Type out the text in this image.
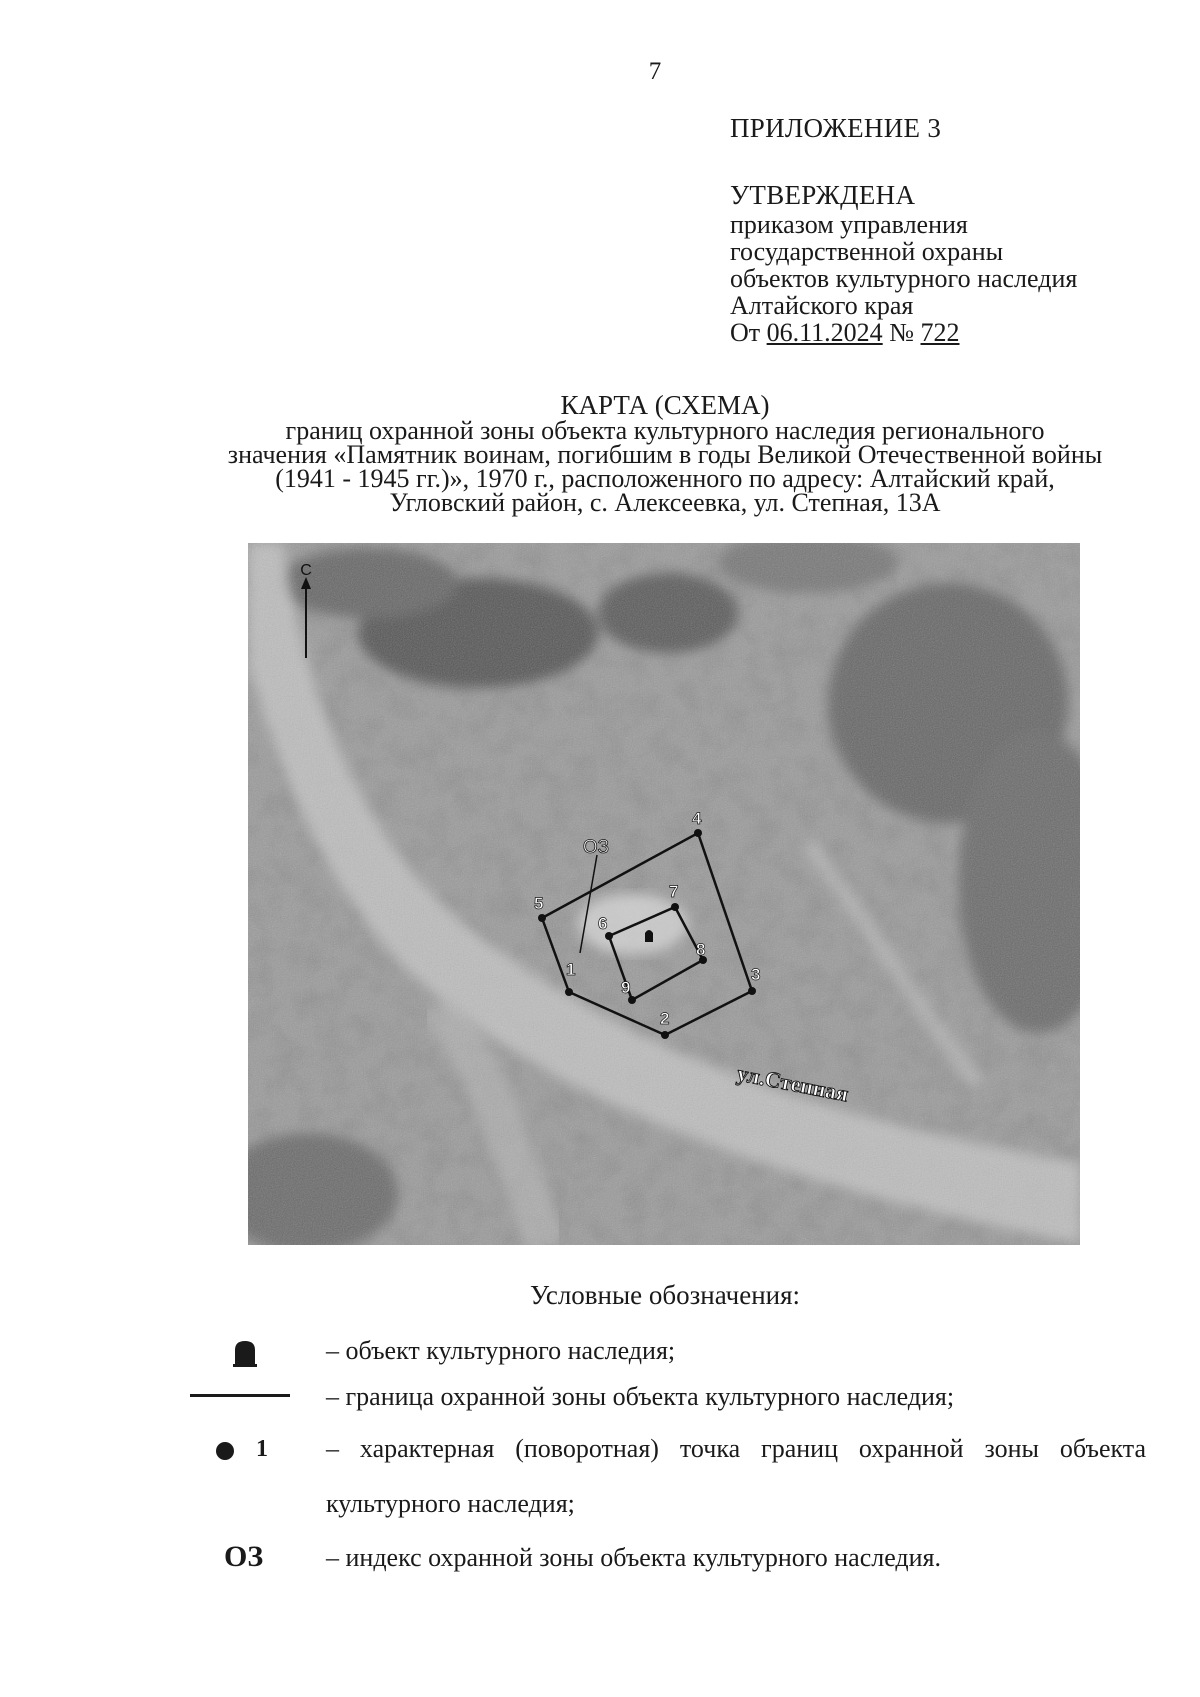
7
ПРИЛОЖЕНИЕ 3
УТВЕРЖДЕНА
приказом управления
государственной охраны
объектов культурного наследия
Алтайского края
От 06.11.2024 № 722
КАРТА (СХЕМА)
границ охранной зоны объекта культурного наследия регионального
значения «Памятник воинам, погибшим в годы Великой Отечественной войны
(1941 - 1945 гг.)», 1970 г., расположенного по адресу: Алтайский край,
Угловский район, с. Алексеевка, ул. Степная, 13А
С
ОЗ
1
2
3
4
5
6
7
8
9
ул.Степная
Условные обозначения:
– объект культурного наследия;
– граница охранной зоны объекта культурного наследия;
1 – характерная (поворотная) точка границ охранной зоны объекта
культурного наследия;
ОЗ – индекс охранной зоны объекта культурного наследия.
